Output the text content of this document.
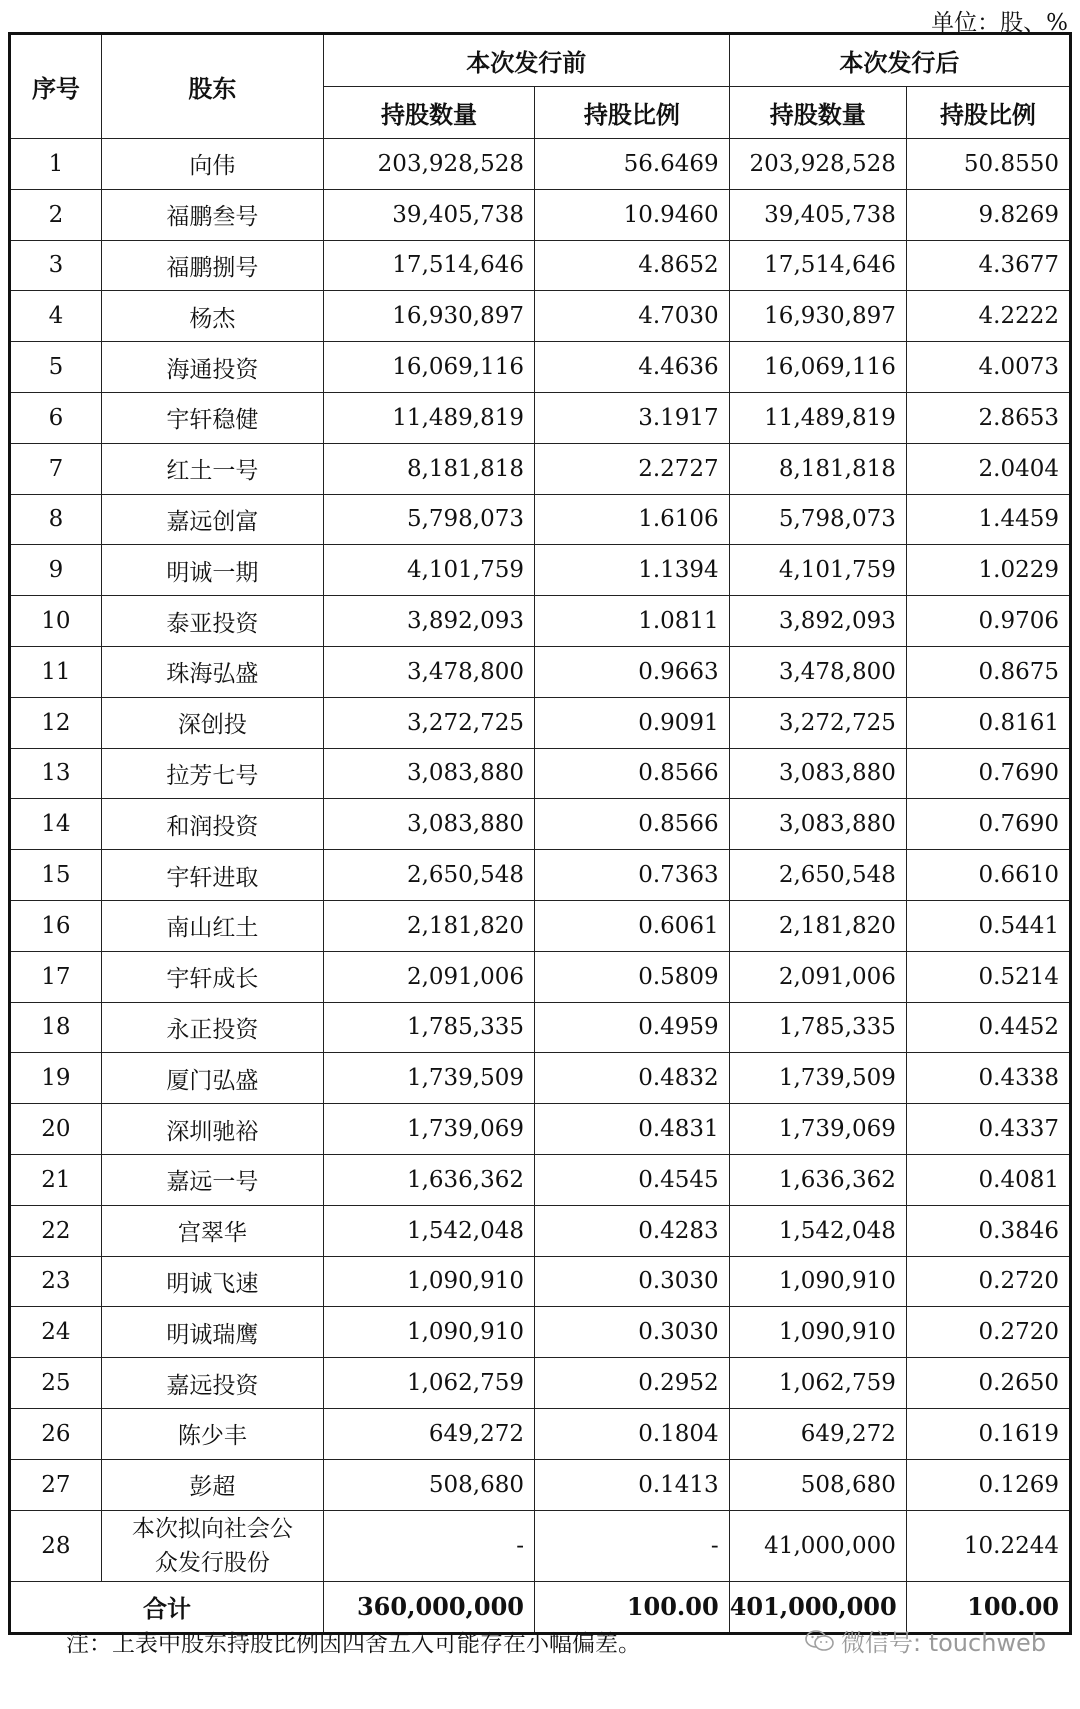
单位：股、%
序号	股东	本次发行前		本次发行后	
		持股数量	持股比例	持股数量	持股比例
1	向伟	203,928,528	56.6469	203,928,528	50.8550
2	福鹏叁号	39,405,738	10.9460	39,405,738	9.8269
3	福鹏捌号	17,514,646	4.8652	17,514,646	4.3677
4	杨杰	16,930,897	4.7030	16,930,897	4.2222
5	海通投资	16,069,116	4.4636	16,069,116	4.0073
6	宇轩稳健	11,489,819	3.1917	11,489,819	2.8653
7	红土一号	8,181,818	2.2727	8,181,818	2.0404
8	嘉远创富	5,798,073	1.6106	5,798,073	1.4459
9	明诚一期	4,101,759	1.1394	4,101,759	1.0229
10	泰亚投资	3,892,093	1.0811	3,892,093	0.9706
11	珠海弘盛	3,478,800	0.9663	3,478,800	0.8675
12	深创投	3,272,725	0.9091	3,272,725	0.8161
13	拉芳七号	3,083,880	0.8566	3,083,880	0.7690
14	和润投资	3,083,880	0.8566	3,083,880	0.7690
15	宇轩进取	2,650,548	0.7363	2,650,548	0.6610
16	南山红土	2,181,820	0.6061	2,181,820	0.5441
17	宇轩成长	2,091,006	0.5809	2,091,006	0.5214
18	永正投资	1,785,335	0.4959	1,785,335	0.4452
19	厦门弘盛	1,739,509	0.4832	1,739,509	0.4338
20	深圳驰裕	1,739,069	0.4831	1,739,069	0.4337
21	嘉远一号	1,636,362	0.4545	1,636,362	0.4081
22	宫翠华	1,542,048	0.4283	1,542,048	0.3846
23	明诚飞速	1,090,910	0.3030	1,090,910	0.2720
24	明诚瑞鹰	1,090,910	0.3030	1,090,910	0.2720
25	嘉远投资	1,062,759	0.2952	1,062,759	0.2650
26	陈少丰	649,272	0.1804	649,272	0.1619
27	彭超	508,680	0.1413	508,680	0.1269
28	本次拟向社会公
众发行股份	-	-	41,000,000	10.2244
合计		360,000,000	100.00	401,000,000	100.00
注：上表中股东持股比例因四舍五入可能存在小幅偏差。	微信号: touchweb
